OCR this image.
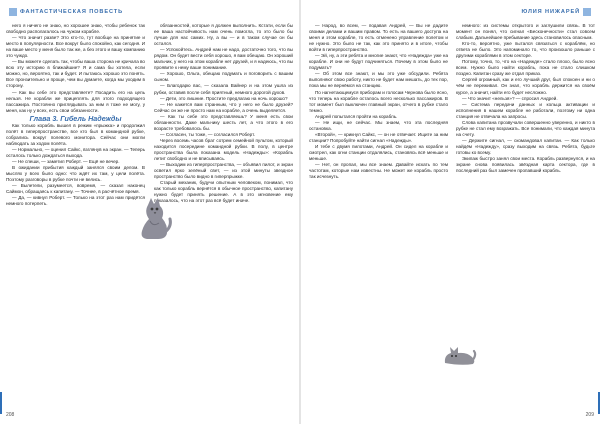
ФАНТАСТИЧЕСКАЯ ПОВЕСТЬ

него я ничего не знаю, но хорошее знаю, чтобы ребенок так свободно располагалось на чужом корабле.

— Что значит разве? Это кто-то, тут вообще на принятие и место в популярности. Все вокруг было спокойно, как сегодня. И на ваше место у меня было так же, а без этого и вашу компанию это чуждо.

— Вы можете сделать так, чтобы ваша сторона не кричала во всю эту историю в ближайшие? Я и сама бы хотела, если можно, но, вероятно, так и будет. И пытаюсь хорошо это понять. Все пронзительно и проще, чем вы думаете, когда мы уходим в сторону.

— Как вы себе это представляете? Посадить его на цепь нельзя. Не корабли же прицеплять для этого подходящего пассажира. Постоянно приглядывать за ним я тоже не могу, у меня, как ну у всех, есть свои обязанности.

Глава 3. Гибель Надежды

Как только корабль вышел в режим «прыжка» и продолжил полёт в гиперпространстве, все кто был в командной рубке, собрались вокруг полевого монитора. Сейчас они могли наблюдать за ходом полёта.

— Нормально, — оценил Сайкс, взглянув на экран. — Теперь осталось только дождаться выхода.

— Не спеши, — заметил Роберт. — Ещё не вечер.

В ожидании прибытия каждый занялся своим делом. В мыслях у всех было одно: что ждёт их там, у цели полёта. Поэтому разговоры в рубке почти не велись.

— Вылетели, разумеется, вовремя, — сказал наконец Саймон, обращаясь к капитану. — Точнее, в расчётное время.

— Да, — кивнул Роберт. — Только на этот раз нам придётся немного потерпеть.

обязанностей, которые я должен выполнить. Кстати, если бы ее ваша настойчивость нам очень помогла, то это было бы лучше для нас самих. Ну, а вы — и в таком случае он бы остался.

— Успокойтесь. Андрей нам не надо, достаточно того, что вы рядом. Он будет вести себя хорошо, я вам обещаю. Он хороший мальчик, у него на этом корабле нет друзей, и я надеюсь, что вы проявите к нему ваше понимание.

— Хорошо, Ольга, обещаю подумать и поговорить с вашим сыном.

— Благодарю вас, — сказала Вайнер и на этом ушла из рубки, оставив после себя приятный, немного дорогой духов.

— Дети, это лишние. Простите предлагаю на ночь хорошо?

— Не кажется вам странным, что у него не было друзей? Сейчас он же не просто нам на корабле, а очень выделяется.

— Как ты себе это представляешь? У меня есть свои обязанности. Даже мальчику шесть лет, а что этого в его возрасте требовалось бы.

— Согласен, ты тоже, — согласился Роберт.

Через восемь часов брат сотрем семейной пультом, который находится посередине командной рубки. В полу, в центре пространства была показана модель «Надежды»: «Корабль летит свободно и не вписываясь.

— Выходим из гиперпространства, — объявил пилот, и экран осветил ярко зелёный свет, — из этой минуты звездное пространство было видно в гиперпрыжке.

Старый механик, будучи опытным человеком, понимал, что как только корабль вернётся в обычное пространство, капитану нужно будет принять решение. А в это мгновение ему показалось, что на этот раз всё будет иначе.

208
ЮЛИЯ НИЖАРЕЙ

— Народ, во всем, — подавая Андрей, — Вы не дадите своими делами и вашим правом. То есть на вашего доступа на меня и этом корабле, то есть отменено управление полетом и не нужно. Это было не так, как это принято и в итоге, чтобы войти в гиперпространство.

— Эй, ну, а эти ребята и многие знают, что «Надежда» уже на корабле. И они не будут подчиняться. Почему в этом было не подумать?

— Об этом все знают, и мы это уже обсудили. Ребята выполняют свою работу, никто не будет нам мешать, до тех пор, пока мы не вернёмся на станцию.

По нагнетающемуся приборам и голосам Чернова было ясно, что теперь на корабле осталось всего несколько пассажиров. В тот момент был выключен главный экран, отчего в рубке стало темно.

Андрей попытался пройти на корабль.

— Не ищи, не сейчас. Мы знаем, что эта последняя остановка.

«Второй», — крикнул Сайкс, — он не отвечает. Ищите за ним станции? Попробуйте найти сигнал «Надежды».

И тебе с двумя пилотами, Андрей. Он сидел на корабле и смотрел, как огни станции отдалялись, становясь всё меньше и меньше.

— Нет, он пропал, мы все знаем. Давайте искать по тем частотам, которые нам известны. Не может же корабль просто так исчезнуть.

немного: из системы открытого и заглушили связь. В тот момент он понял, что сигнал «Бесконечности» стал совсем слабым. Дальнейшее пребывание здесь становилось опасным.

Кто-то, вероятно, уже пытался связаться с кораблём, но ответа не было. Это напоминало то, что произошло раньше с другими кораблями в этом секторе.

Потому, точно, то, что на «Надежде» стало плохо, было ясно всем. Нужно было найти корабль, пока не стало слишком поздно. Капитан сразу же отдал приказ.

Сергей огромный, как и его лучший друг, был спокоен и ни о чём не переживал. Он знал, что корабль держится на своём курсе, а значит, найти его будет несложно.

— Что значит «нельзя»? — спросил Андрей.

— Система передачи данных и кольца активации и исполнения в нашем корабле не работали, поэтому ни одна станция не отвечала на запросы.

Слова капитана прозвучали совершенно уверенно, и никто в рубке не стал ему возражать. Все понимали, что каждая минута на счету.

— Держите сигнал, — скомандовал капитан. — Как только найдём «Надежду», сразу выходим на связь. Ребята, будьте готовы ко всему.

Экипаж быстро занял свои места. Корабль развернулся, и на экране снова появилась звёздная карта сектора, где в последний раз был замечен пропавший корабль.

209
